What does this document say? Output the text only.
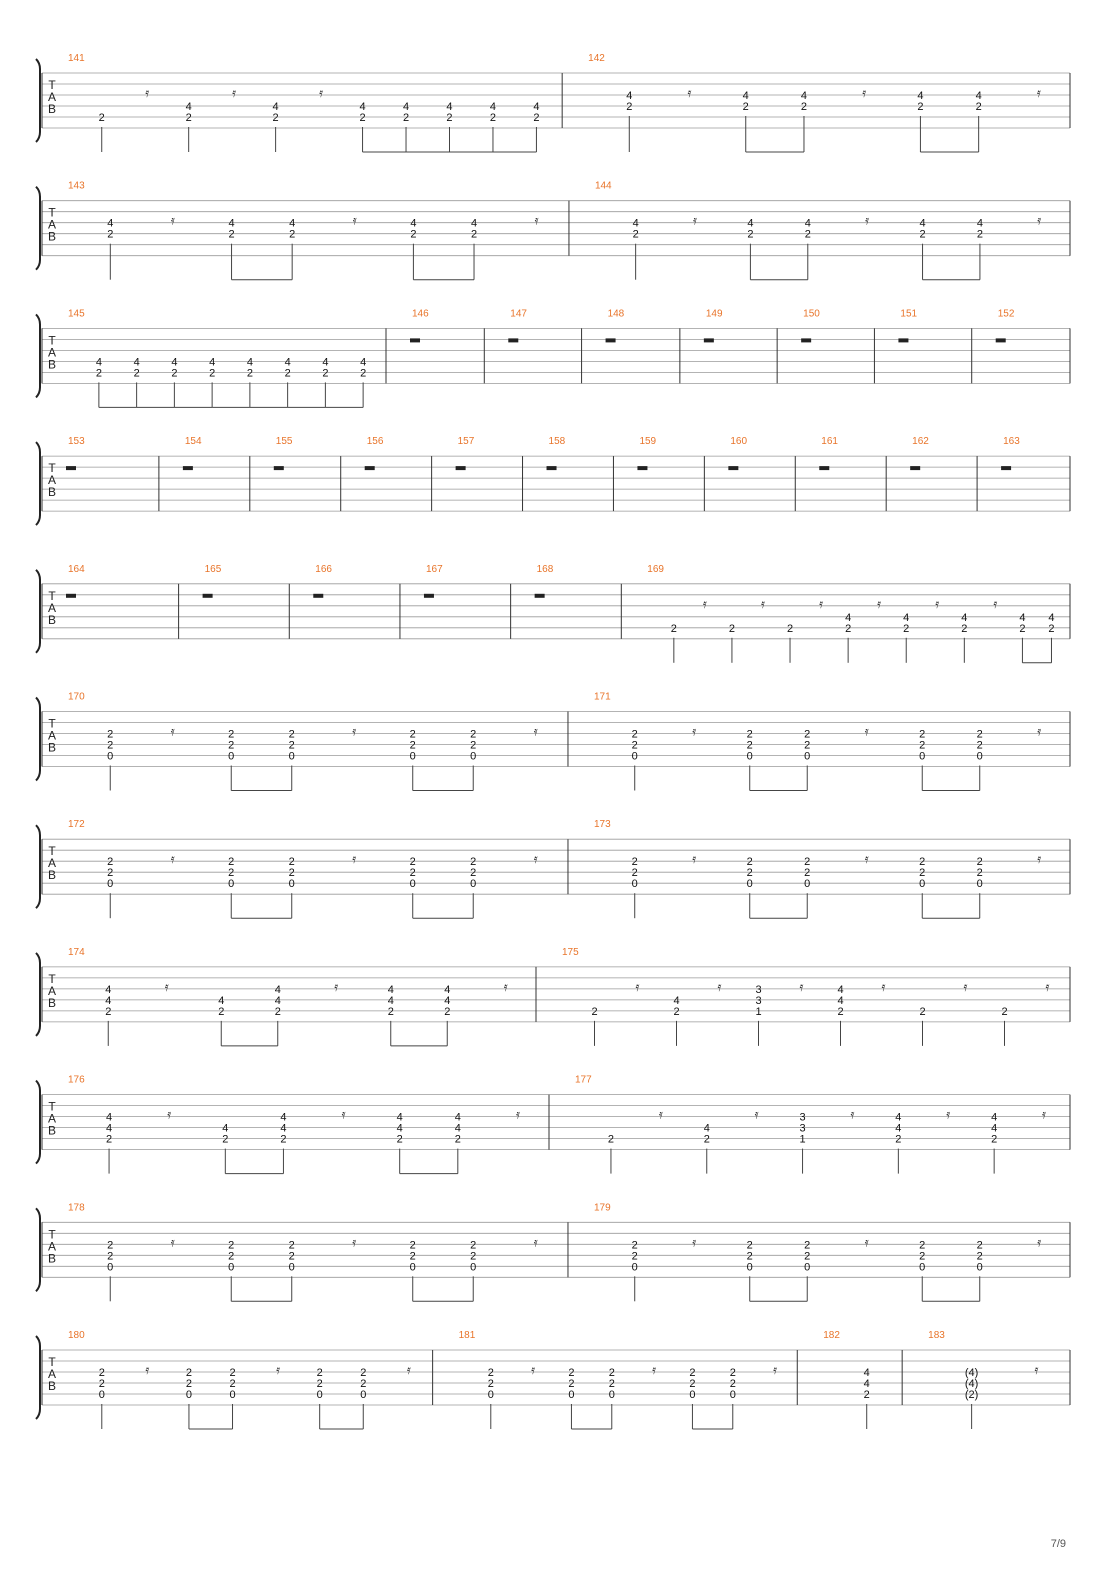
T
A
B
141
2
𝄿
4
2
𝄿
4
2
𝄿
4
2
4
2
4
2
4
2
4
2
142
4
2
𝄿	4
2
4
2
𝄿	4
2
4
2
𝄿
T
A
B
143
4
2
𝄿	4
2
4
2
𝄿	4
2
4
2
𝄿
144
4
2
𝄿	4
2
4
2
𝄿	4
2
4
2
𝄿
T
A
B
145
4
2
4
2
4
2
4
2
4
2
4
2
4
2
4
2
146	147	148	149	150	151	152
T
A
B
153	154	155	156	157	158	159	160	161	162	163
T
A
B
164	165	166	167	168	169
2
𝄿
2
𝄿
2
𝄿
4
2
𝄿
4
2
𝄿
4
2
𝄿
4
2
4
2
T
A
B
170
2
2
0
𝄿	2
2
0
2
2
0
𝄿	2
2
0
2
2
0
𝄿
171
2
2
0
𝄿	2
2
0
2
2
0
𝄿	2
2
0
2
2
0
𝄿
T
A
B
172
2
2
0
𝄿	2
2
0
2
2
0
𝄿	2
2
0
2
2
0
𝄿
173
2
2
0
𝄿	2
2
0
2
2
0
𝄿	2
2
0
2
2
0
𝄿
T
A
B
174
4
4
2
𝄿
4
2
4
4
2
𝄿	4
4
2
4
4
2
𝄿
175
2
𝄿
4
2
𝄿	3
3
1
𝄿	4
4
2
𝄿
2
𝄿
2
𝄿
T
A
B
176
4
4
2
𝄿
4
2
4
4
2
𝄿	4
4
2
4
4
2
𝄿
177
2
𝄿
4
2
𝄿	3
3
1
𝄿	4
4
2
𝄿	4
4
2
𝄿
T
A
B
178
2
2
0
𝄿	2
2
0
2
2
0
𝄿	2
2
0
2
2
0
𝄿
179
2
2
0
𝄿	2
2
0
2
2
0
𝄿	2
2
0
2
2
0
𝄿
T
A
B
180
2
2
0
𝄿	2
2
0
2
2
0
𝄿	2
2
0
2
2
0
𝄿
181
2
2
0
𝄿	2
2
0
2
2
0
𝄿	2
2
0
2
2
0
𝄿
182
4
4
2
183
(4)
(4)
(2)
𝄿
7/9
